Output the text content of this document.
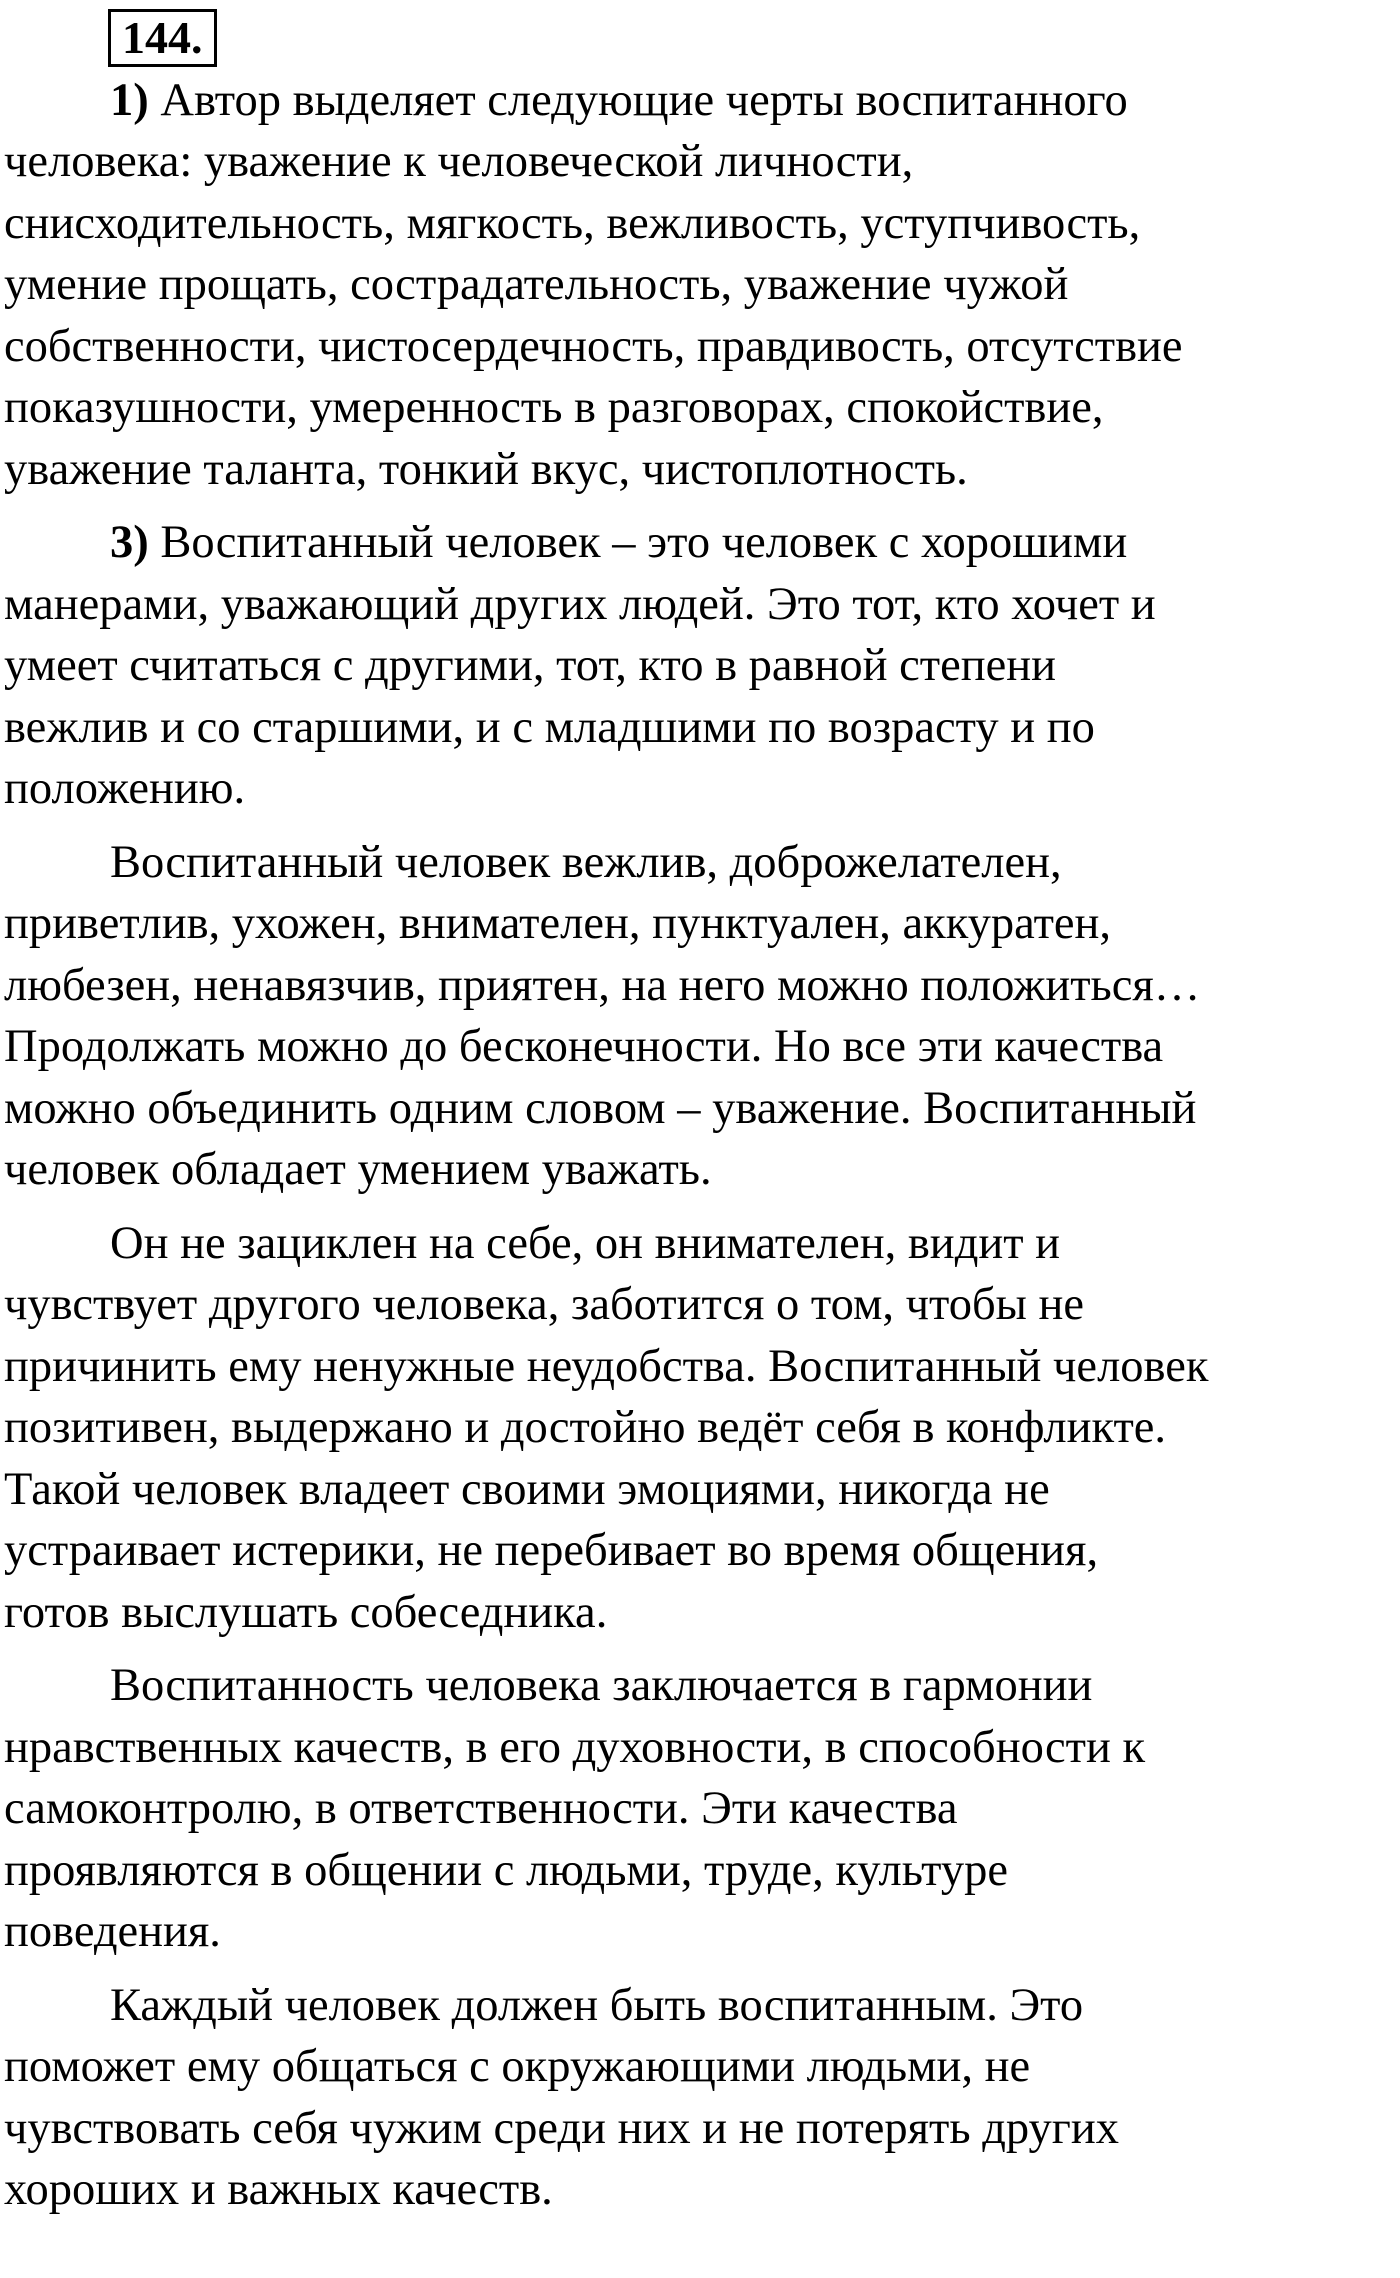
144.

1) Автор выделяет следующие черты воспитанного
человека: уважение к человеческой личности,
снисходительность, мягкость, вежливость, уступчивость,
умение прощать, сострадательность, уважение чужой
собственности, чистосердечность, правдивость, отсутствие
показушности, умеренность в разговорах, спокойствие,
уважение таланта, тонкий вкус, чистоплотность.

3) Воспитанный человек – это человек с хорошими
манерами, уважающий других людей. Это тот, кто хочет и
умеет считаться с другими, тот, кто в равной степени
вежлив и со старшими, и с младшими по возрасту и по
положению.

Воспитанный человек вежлив, доброжелателен,
приветлив, ухожен, внимателен, пунктуален, аккуратен,
любезен, ненавязчив, приятен, на него можно положиться…
Продолжать можно до бесконечности. Но все эти качества
можно объединить одним словом – уважение. Воспитанный
человек обладает умением уважать.

Он не зациклен на себе, он внимателен, видит и
чувствует другого человека, заботится о том, чтобы не
причинить ему ненужные неудобства. Воспитанный человек
позитивен, выдержано и достойно ведёт себя в конфликте.
Такой человек владеет своими эмоциями, никогда не
устраивает истерики, не перебивает во время общения,
готов выслушать собеседника.

Воспитанность человека заключается в гармонии
нравственных качеств, в его духовности, в способности к
самоконтролю, в ответственности. Эти качества
проявляются в общении с людьми, труде, культуре
поведения.

Каждый человек должен быть воспитанным. Это
поможет ему общаться с окружающими людьми, не
чувствовать себя чужим среди них и не потерять других
хороших и важных качеств.
